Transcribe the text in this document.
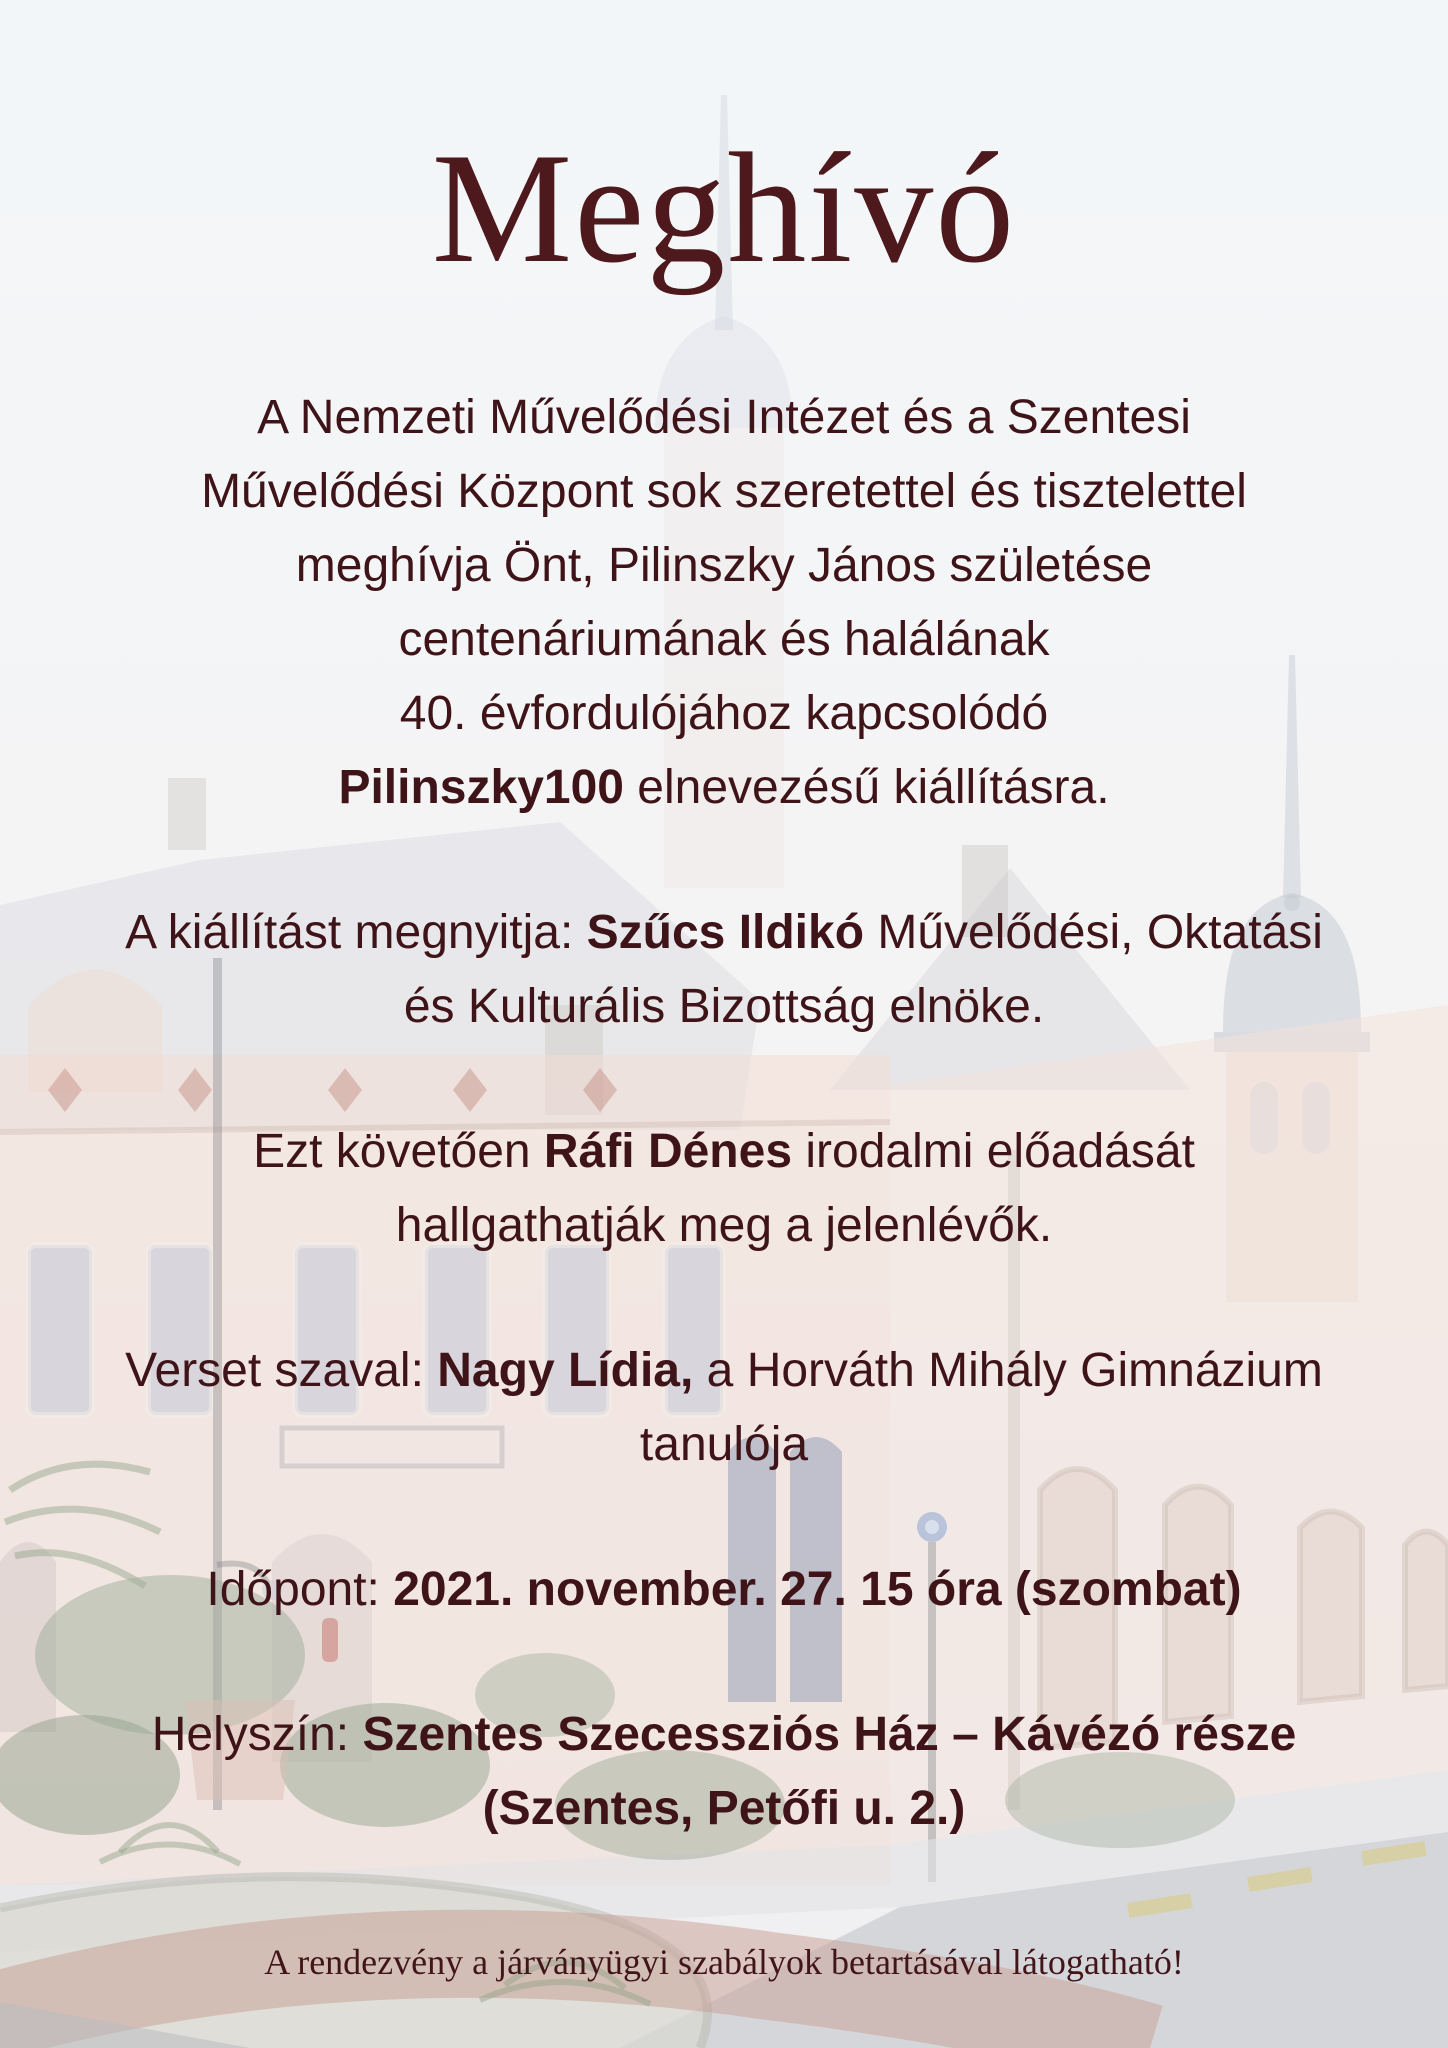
Meghívó
A Nemzeti Művelődési Intézet és a Szentesi
Művelődési Központ sok szeretettel és tisztelettel
meghívja Önt, Pilinszky János születése
centenáriumának és halálának
40. évfordulójához kapcsolódó
Pilinszky100 elnevezésű kiállításra.
A kiállítást megnyitja: Szűcs Ildikó Művelődési, Oktatási
és Kulturális Bizottság elnöke.
Ezt követően Ráfi Dénes irodalmi előadását
hallgathatják meg a jelenlévők.
Verset szaval: Nagy Lídia, a Horváth Mihály Gimnázium
tanulója
Időpont: 2021. november. 27. 15 óra (szombat)
Helyszín: Szentes Szecessziós Ház – Kávézó része
(Szentes, Petőfi u. 2.)
A rendezvény a járványügyi szabályok betartásával látogatható!
